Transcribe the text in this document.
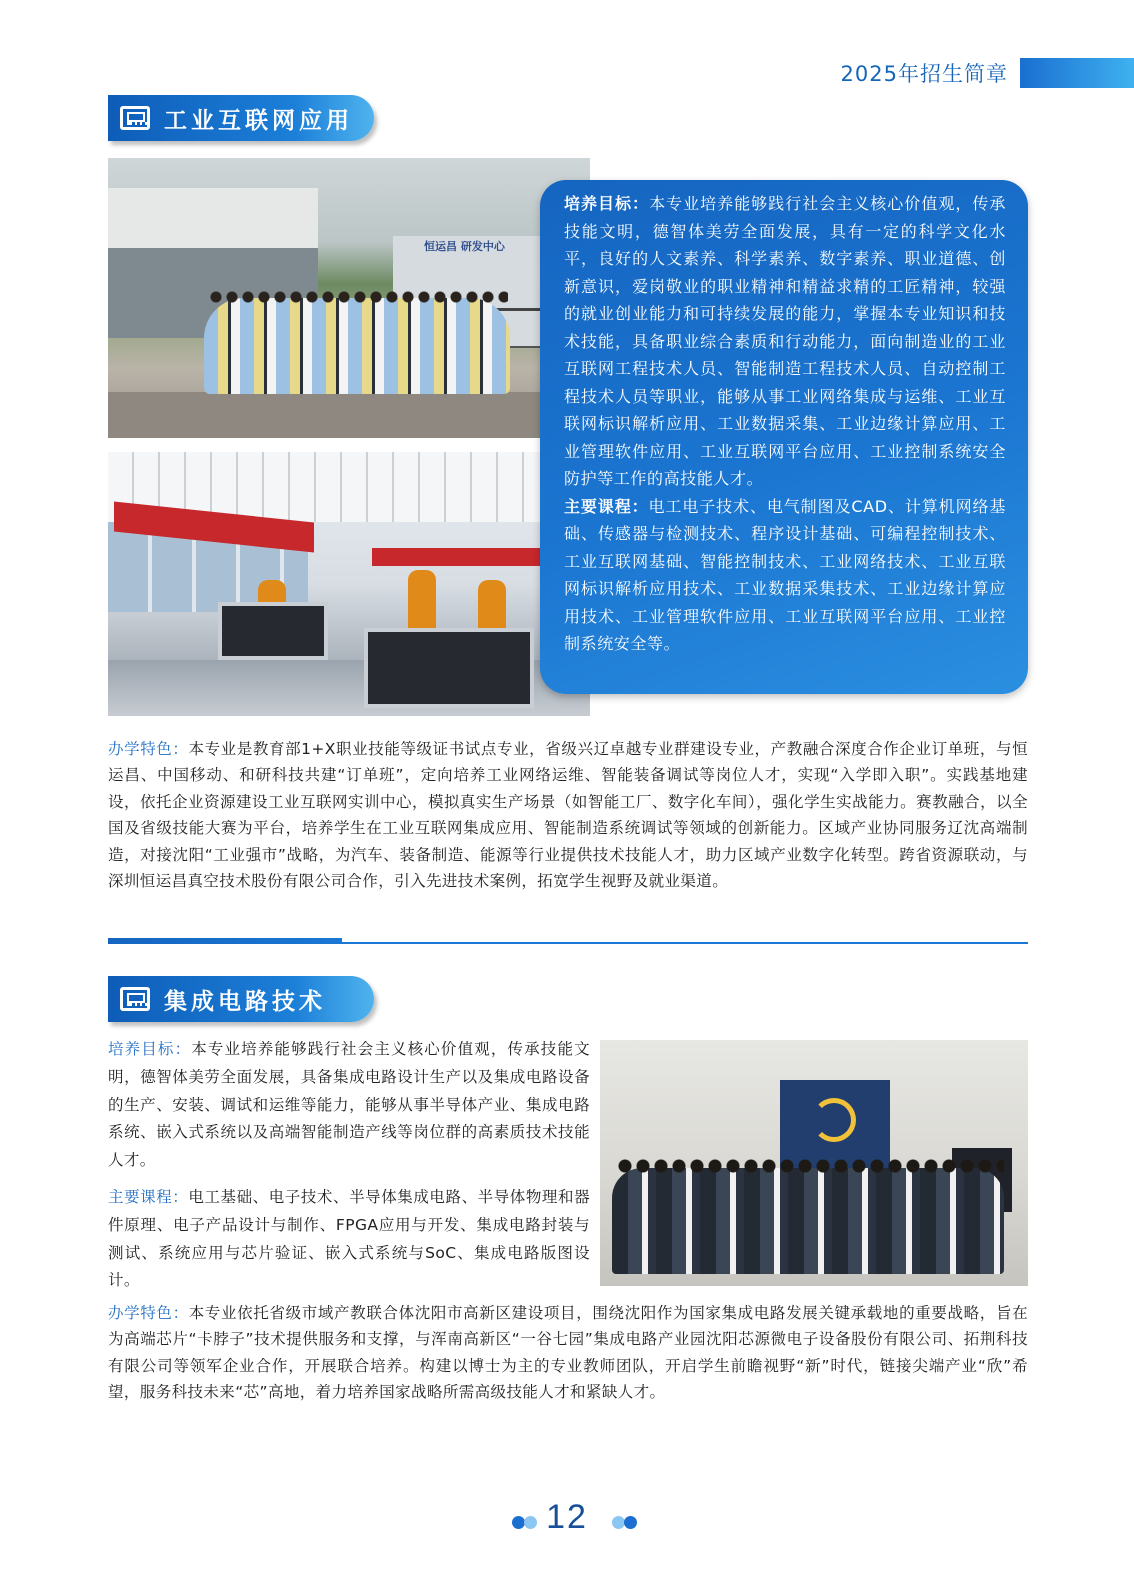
2025年招生简章
工业互联网应用
恒运昌 研发中心

培养目标：本专业培养能够践行社会主义核心价值观，传承技能文明，德智体美劳全面发展，具有一定的科学文化水平，良好的人文素养、科学素养、数字素养、职业道德、创新意识，爱岗敬业的职业精神和精益求精的工匠精神，较强的就业创业能力和可持续发展的能力，掌握本专业知识和技术技能，具备职业综合素质和行动能力，面向制造业的工业互联网工程技术人员、智能制造工程技术人员、自动控制工程技术人员等职业，能够从事工业网络集成与运维、工业互联网标识解析应用、工业数据采集、工业边缘计算应用、工业管理软件应用、工业互联网平台应用、工业控制系统安全防护等工作的高技能人才。

主要课程：电工电子技术、电气制图及CAD、计算机网络基础、传感器与检测技术、程序设计基础、可编程控制技术、工业互联网基础、智能控制技术、工业网络技术、工业互联网标识解析应用技术、工业数据采集技术、工业边缘计算应用技术、工业管理软件应用、工业互联网平台应用、工业控制系统安全等。

办学特色：本专业是教育部1+X职业技能等级证书试点专业，省级兴辽卓越专业群建设专业，产教融合深度合作企业订单班，与恒运昌、中国移动、和研科技共建“订单班”，定向培养工业网络运维、智能装备调试等岗位人才，实现“入学即入职”。实践基地建设，依托企业资源建设工业互联网实训中心，模拟真实生产场景（如智能工厂、数字化车间），强化学生实战能力。赛教融合，以全国及省级技能大赛为平台，培养学生在工业互联网集成应用、智能制造系统调试等领域的创新能力。区域产业协同服务辽沈高端制造，对接沈阳“工业强市”战略，为汽车、装备制造、能源等行业提供技术技能人才，助力区域产业数字化转型。跨省资源联动，与深圳恒运昌真空技术股份有限公司合作，引入先进技术案例，拓宽学生视野及就业渠道。
集成电路技术
培养目标：本专业培养能够践行社会主义核心价值观，传承技能文明，德智体美劳全面发展，具备集成电路设计生产以及集成电路设备的生产、安装、调试和运维等能力，能够从事半导体产业、集成电路系统、嵌入式系统以及高端智能制造产线等岗位群的高素质技术技能人才。
主要课程：电工基础、电子技术、半导体集成电路、半导体物理和器件原理、电子产品设计与制作、FPGA应用与开发、集成电路封装与测试、系统应用与芯片验证、嵌入式系统与SoC、集成电路版图设计。
办学特色：本专业依托省级市域产教联合体沈阳市高新区建设项目，围绕沈阳作为国家集成电路发展关键承载地的重要战略，旨在为高端芯片“卡脖子”技术提供服务和支撑，与浑南高新区“一谷七园”集成电路产业园沈阳芯源微电子设备股份有限公司、拓荆科技有限公司等领军企业合作，开展联合培养。构建以博士为主的专业教师团队，开启学生前瞻视野“新”时代，链接尖端产业“欣”希望，服务科技未来“芯”高地，着力培养国家战略所需高级技能人才和紧缺人才。
12
